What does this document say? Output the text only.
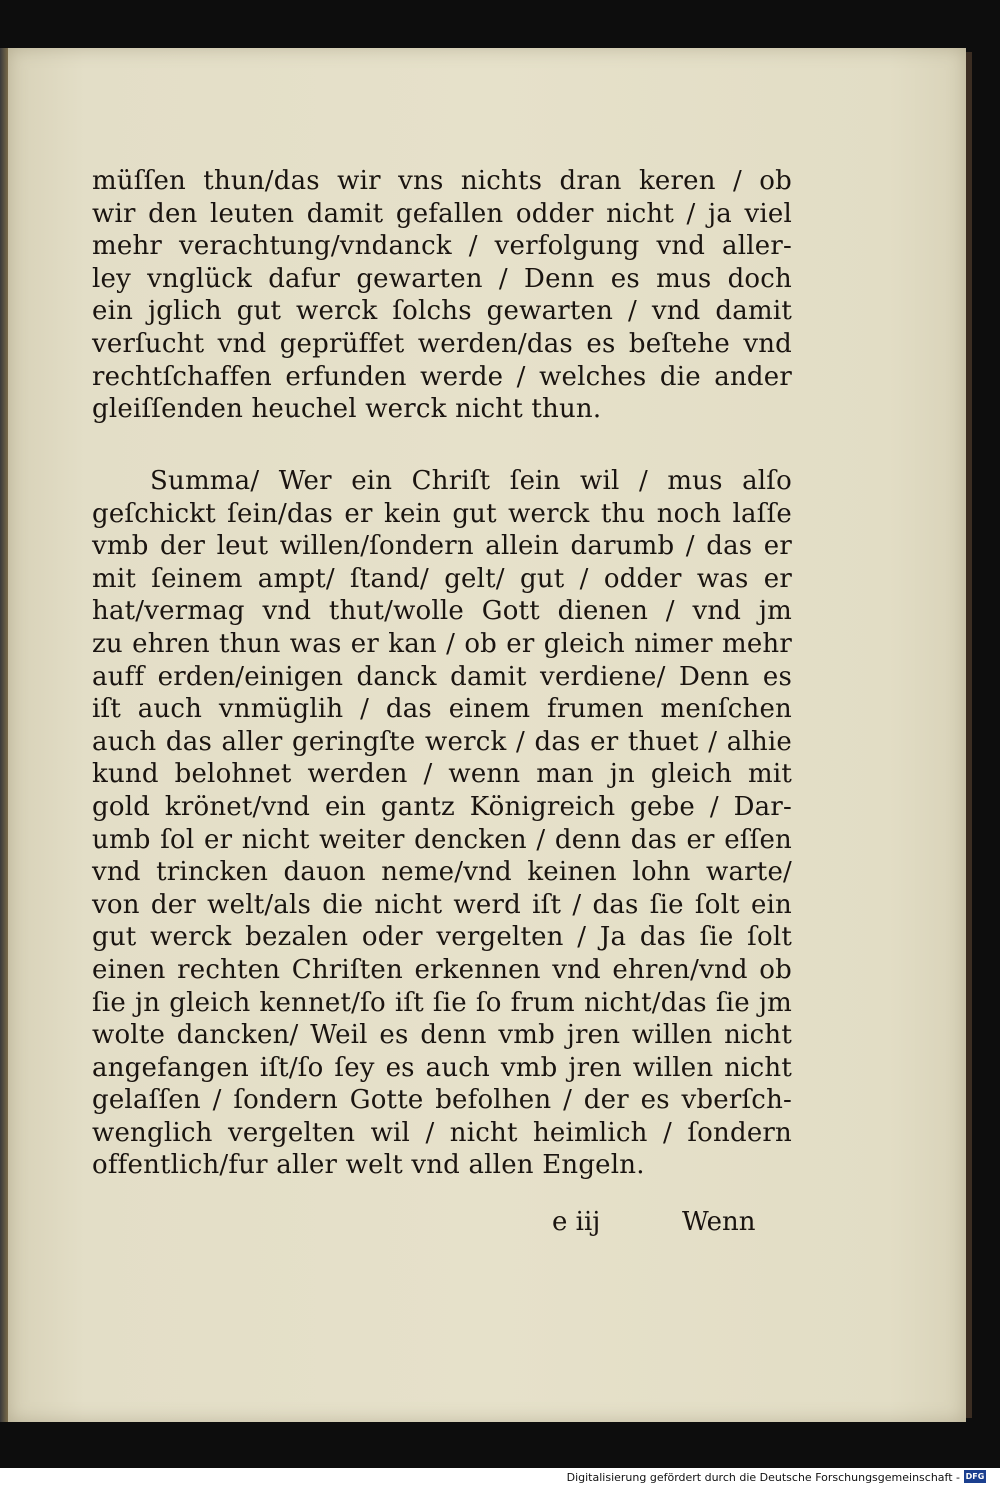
müſſen thun/das wir vns nichts dran keren / ob
wir den leuten damit gefallen odder nicht / ja viel
mehr verachtung/vndanck / verfolgung vnd aller-
ley vnglück dafur gewarten / Denn es mus doch
ein jglich gut werck ſolchs gewarten / vnd damit
verſucht vnd geprüffet werden/das es beſtehe vnd
rechtſchaffen erfunden werde / welches die ander
gleiſſenden heuchel werck nicht thun.
Summa/ Wer ein Chriſt ſein wil / mus alſo
geſchickt ſein/das er kein gut werck thu noch laſſe
vmb der leut willen/ſondern allein darumb / das er
mit ſeinem ampt/ ſtand/ gelt/ gut / odder was er
hat/vermag vnd thut/wolle Gott dienen / vnd jm
zu ehren thun was er kan / ob er gleich nimer mehr
auff erden/einigen danck damit verdiene/ Denn es
iſt auch vnmüglih / das einem frumen menſchen
auch das aller geringſte werck / das er thuet / alhie
kund belohnet werden / wenn man jn gleich mit
gold krönet/vnd ein gantz Königreich gebe / Dar-
umb ſol er nicht weiter dencken / denn das er eſſen
vnd trincken dauon neme/vnd keinen lohn warte/
von der welt/als die nicht werd iſt / das ſie ſolt ein
gut werck bezalen oder vergelten / Ja das ſie ſolt
einen rechten Chriſten erkennen vnd ehren/vnd ob
ſie jn gleich kennet/ſo iſt ſie ſo frum nicht/das ſie jm
wolte dancken/ Weil es denn vmb jren willen nicht
angefangen iſt/ſo ſey es auch vmb jren willen nicht
gelaſſen / ſondern Gotte befolhen / der es vberſch-
wenglich vergelten wil / nicht heimlich / ſondern
offentlich/fur aller welt vnd allen Engeln.
e iij	Wenn
Digitalisierung gefördert durch die Deutsche Forschungsgemeinschaft - DFG
